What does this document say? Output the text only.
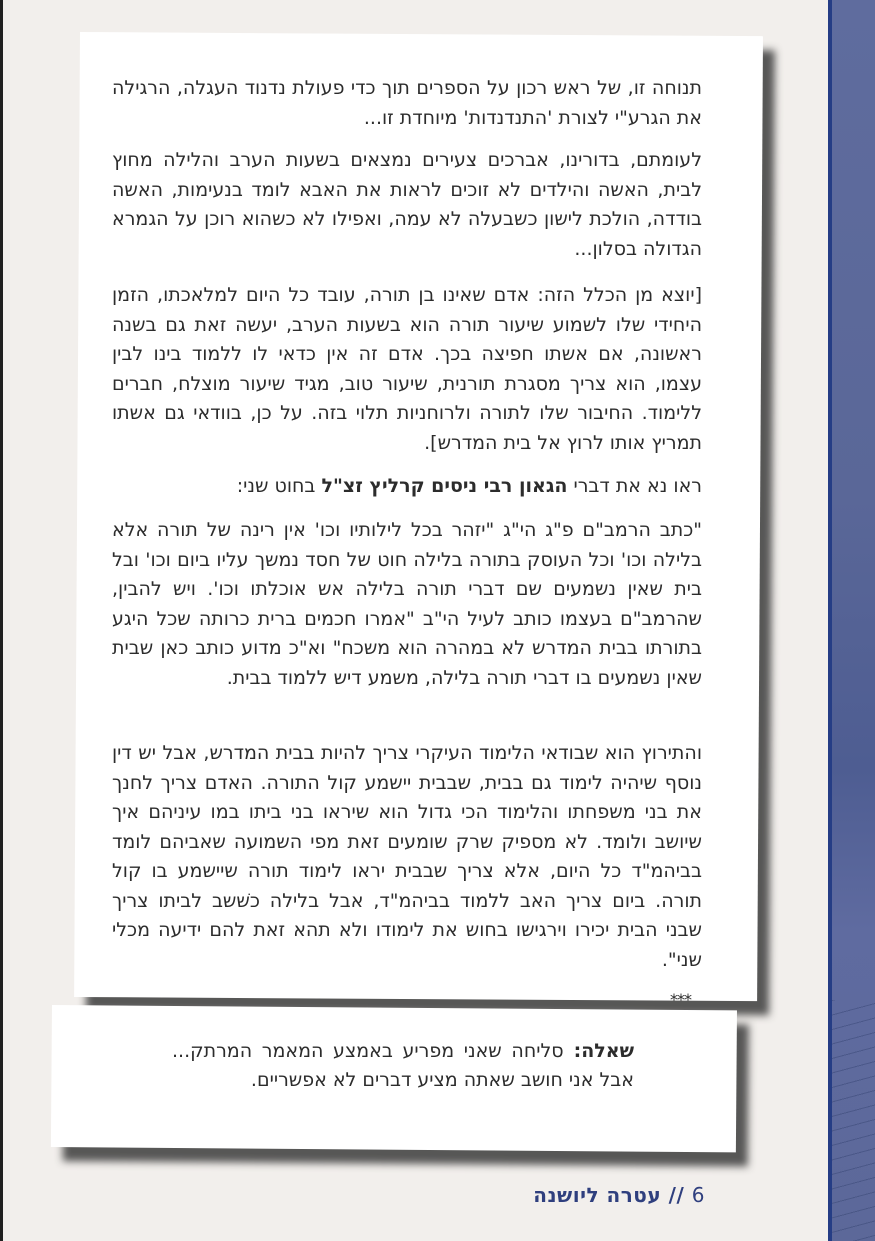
תנוחה זו, של ראש רכון על הספרים תוך כדי פעולת נדנוד העגלה, הרגילה את הגרע"י לצורת 'התנדנדות' מיוחדת זו...

לעומתם, בדורינו, אברכים צעירים נמצאים בשעות הערב והלילה מחוץ לבית, האשה והילדים לא זוכים לראות את האבא לומד בנעימות, האשה בודדה, הולכת לישון כשבעלה לא עמה, ואפילו לא כשהוא רוכן על הגמרא הגדולה בסלון...

[יוצא מן הכלל הזה: אדם שאינו בן תורה, עובד כל היום למלאכתו, הזמן היחידי שלו לשמוע שיעור תורה הוא בשעות הערב, יעשה זאת גם בשנה ראשונה, אם אשתו חפיצה בכך. אדם זה אין כדאי לו ללמוד בינו לבין עצמו, הוא צריך מסגרת תורנית, שיעור טוב, מגיד שיעור מוצלח, חברים ללימוד. החיבור שלו לתורה ולרוחניות תלוי בזה. על כן, בוודאי גם אשתו תמריץ אותו לרוץ אל בית המדרש].

ראו נא את דברי הגאון רבי ניסים קרליץ זצ"ל בחוט שני:

"כתב הרמב"ם פ"ג הי"ג "יזהר בכל לילותיו וכו' אין רינה של תורה אלא בלילה וכו' וכל העוסק בתורה בלילה חוט של חסד נמשך עליו ביום וכו' ובל בית שאין נשמעים שם דברי תורה בלילה אש אוכלתו וכו'. ויש להבין, שהרמב"ם בעצמו כותב לעיל הי"ב "אמרו חכמים ברית כרותה שכל היגע בתורתו בבית המדרש לא במהרה הוא משכח" וא"כ מדוע כותב כאן שבית שאין נשמעים בו דברי תורה בלילה, משמע דיש ללמוד בבית.

והתירוץ הוא שבודאי הלימוד העיקרי צריך להיות בבית המדרש, אבל יש דין נוסף שיהיה לימוד גם בבית, שבבית יישמע קול התורה. האדם צריך לחנך את בני משפחתו והלימוד הכי גדול הוא שיראו בני ביתו במו עיניהם איך שיושב ולומד. לא מספיק שרק שומעים זאת מפי השמועה שאביהם לומד בביהמ"ד כל היום, אלא צריך שבבית יראו לימוד תורה שיישמע בו קול תורה. ביום צריך האב ללמוד בביהמ"ד, אבל בלילה כשׁשב לביתו צריך שבני הבית יכירו וירגישו בחוש את לימודו ולא תהא זאת להם ידיעה מכלי שני".

***
שאלה:סליחה שאני מפריע באמצע המאמר המרתק... אבל אני חושב שאתה מציע דברים לא אפשריים.
6 // עטרה ליושנה
